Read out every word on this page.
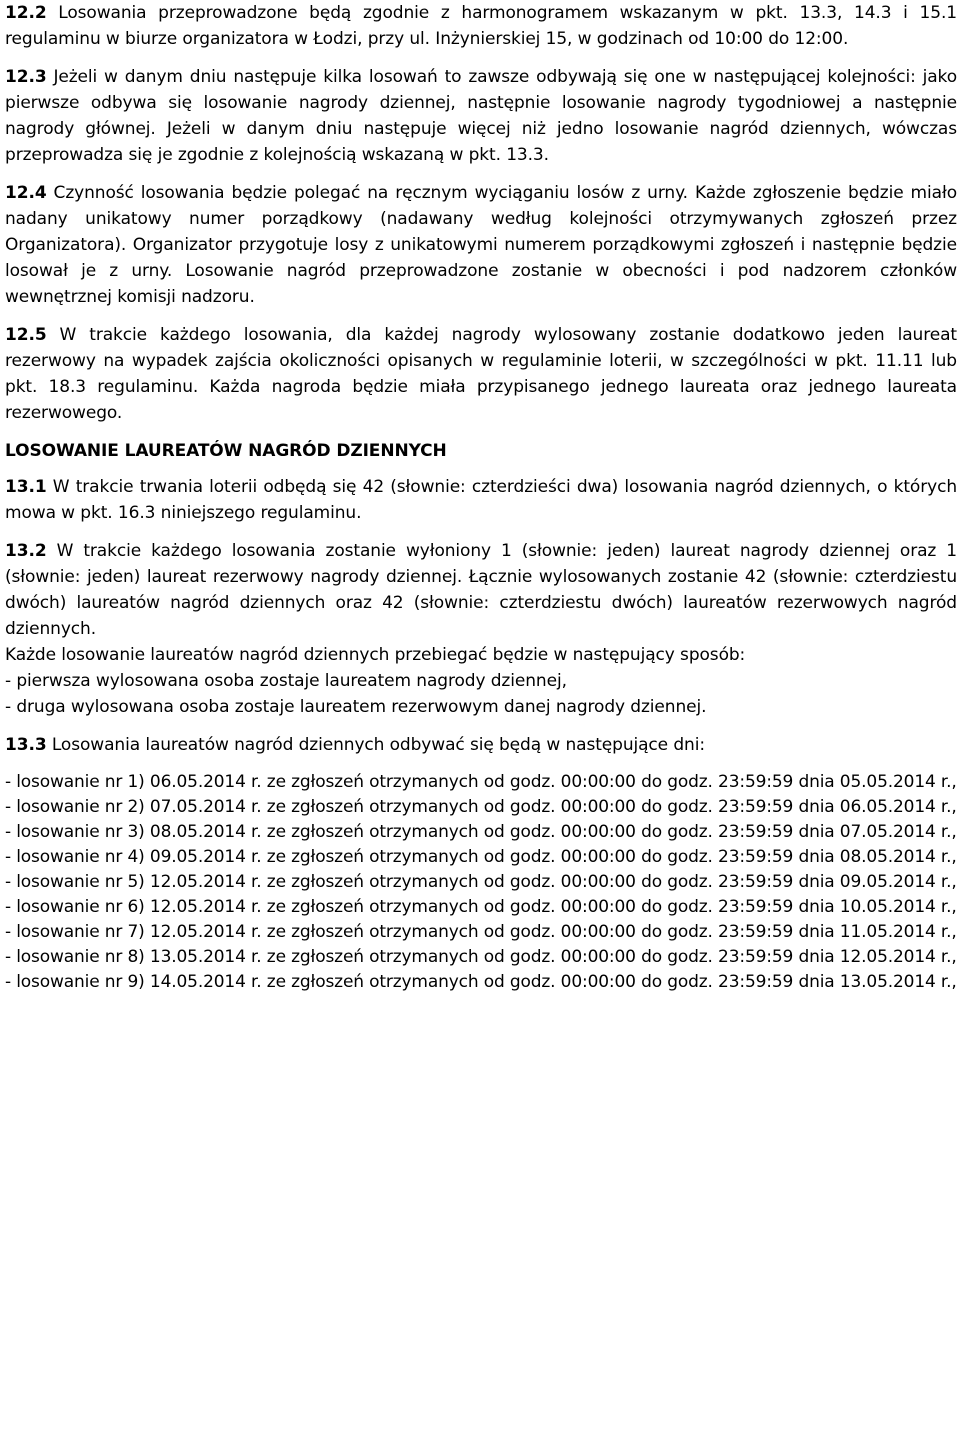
12.2 Losowania przeprowadzone będą zgodnie z harmonogramem wskazanym w pkt. 13.3, 14.3 i 15.1 regulaminu w biurze organizatora w Łodzi, przy ul. Inżynierskiej 15, w godzinach od 10:00 do 12:00.

12.3 Jeżeli w danym dniu następuje kilka losowań to zawsze odbywają się one w następującej kolejności: jako pierwsze odbywa się losowanie nagrody dziennej, następnie losowanie nagrody tygodniowej a następnie nagrody głównej. Jeżeli w danym dniu następuje więcej niż jedno losowanie nagród dziennych, wówczas przeprowadza się je zgodnie z kolejnością wskazaną w pkt. 13.3.

12.4 Czynność losowania będzie polegać na ręcznym wyciąganiu losów z urny. Każde zgłoszenie będzie miało nadany unikatowy numer porządkowy (nadawany według kolejności otrzymywanych zgłoszeń przez Organizatora). Organizator przygotuje losy z unikatowymi numerem porządkowymi zgłoszeń i następnie będzie losował je z urny. Losowanie nagród przeprowadzone zostanie w obecności i pod nadzorem członków wewnętrznej komisji nadzoru.

12.5 W trakcie każdego losowania, dla każdej nagrody wylosowany zostanie dodatkowo jeden laureat rezerwowy na wypadek zajścia okoliczności opisanych w regulaminie loterii, w szczególności w pkt. 11.11 lub pkt. 18.3 regulaminu. Każda nagroda będzie miała przypisanego jednego laureata oraz jednego laureata rezerwowego.

LOSOWANIE LAUREATÓW NAGRÓD DZIENNYCH

13.1 W trakcie trwania loterii odbędą się 42 (słownie: czterdzieści dwa) losowania nagród dziennych, o których mowa w pkt. 16.3 niniejszego regulaminu.

13.2 W trakcie każdego losowania zostanie wyłoniony 1 (słownie: jeden) laureat nagrody dziennej oraz 1 (słownie: jeden) laureat rezerwowy nagrody dziennej. Łącznie wylosowanych zostanie 42 (słownie: czterdziestu dwóch) laureatów nagród dziennych oraz 42 (słownie: czterdziestu dwóch) laureatów rezerwowych nagród dziennych.

Każde losowanie laureatów nagród dziennych przebiegać będzie w następujący sposób:

- pierwsza wylosowana osoba zostaje laureatem nagrody dziennej,

- druga wylosowana osoba zostaje laureatem rezerwowym danej nagrody dziennej.

13.3 Losowania laureatów nagród dziennych odbywać się będą w następujące dni:

- losowanie nr 1) 06.05.2014 r. ze zgłoszeń otrzymanych od godz. 00:00:00 do godz. 23:59:59 dnia 05.05.2014 r.,

- losowanie nr 2) 07.05.2014 r. ze zgłoszeń otrzymanych od godz. 00:00:00 do godz. 23:59:59 dnia 06.05.2014 r.,

- losowanie nr 3) 08.05.2014 r. ze zgłoszeń otrzymanych od godz. 00:00:00 do godz. 23:59:59 dnia 07.05.2014 r.,

- losowanie nr 4) 09.05.2014 r. ze zgłoszeń otrzymanych od godz. 00:00:00 do godz. 23:59:59 dnia 08.05.2014 r.,

- losowanie nr 5) 12.05.2014 r. ze zgłoszeń otrzymanych od godz. 00:00:00 do godz. 23:59:59 dnia 09.05.2014 r.,

- losowanie nr 6) 12.05.2014 r. ze zgłoszeń otrzymanych od godz. 00:00:00 do godz. 23:59:59 dnia 10.05.2014 r.,

- losowanie nr 7) 12.05.2014 r. ze zgłoszeń otrzymanych od godz. 00:00:00 do godz. 23:59:59 dnia 11.05.2014 r.,

- losowanie nr 8) 13.05.2014 r. ze zgłoszeń otrzymanych od godz. 00:00:00 do godz. 23:59:59 dnia 12.05.2014 r.,

- losowanie nr 9) 14.05.2014 r. ze zgłoszeń otrzymanych od godz. 00:00:00 do godz. 23:59:59 dnia 13.05.2014 r.,
